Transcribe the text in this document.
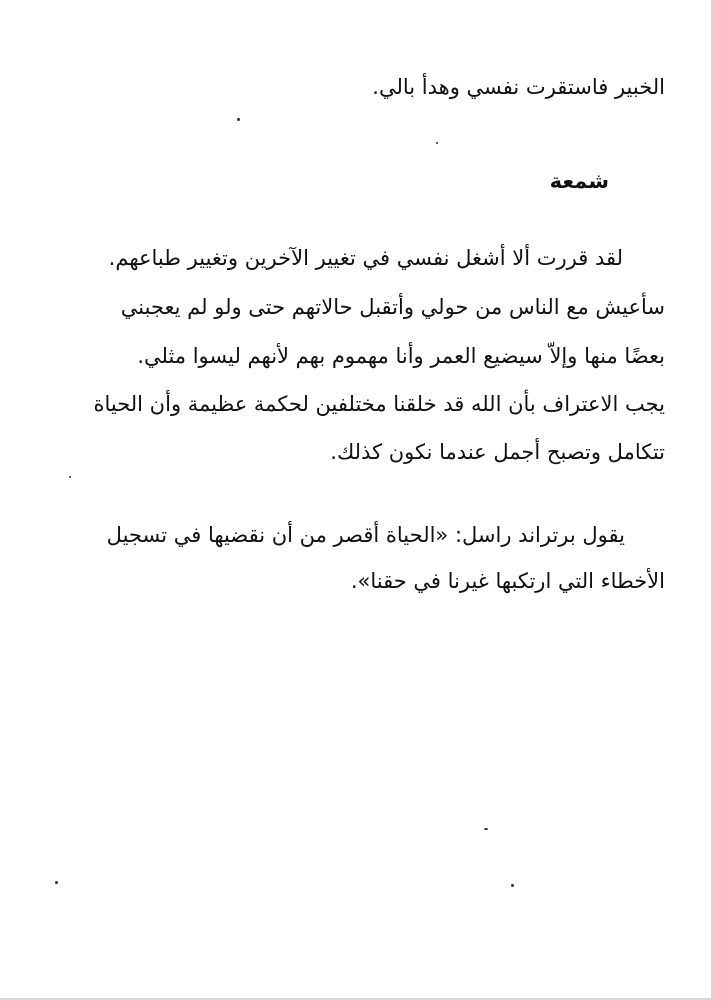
الخبير فاستقرت نفسي وهدأ بالي.
شمعة
لقد قررت ألا أشغل نفسي في تغيير الآخرين وتغيير طباعهم.
سأعيش مع الناس من حولي وأتقبل حالاتهم حتى ولو لم يعجبني
بعضًا منها وإلاّ سيضيع العمر وأنا مهموم بهم لأنهم ليسوا مثلي.
يجب الاعتراف بأن الله قد خلقنا مختلفين لحكمة عظيمة وأن الحياة
تتكامل وتصبح أجمل عندما نكون كذلك.
يقول برتراند راسل: «الحياة أقصر من أن نقضيها في تسجيل
الأخطاء التي ارتكبها غيرنا في حقنا».
